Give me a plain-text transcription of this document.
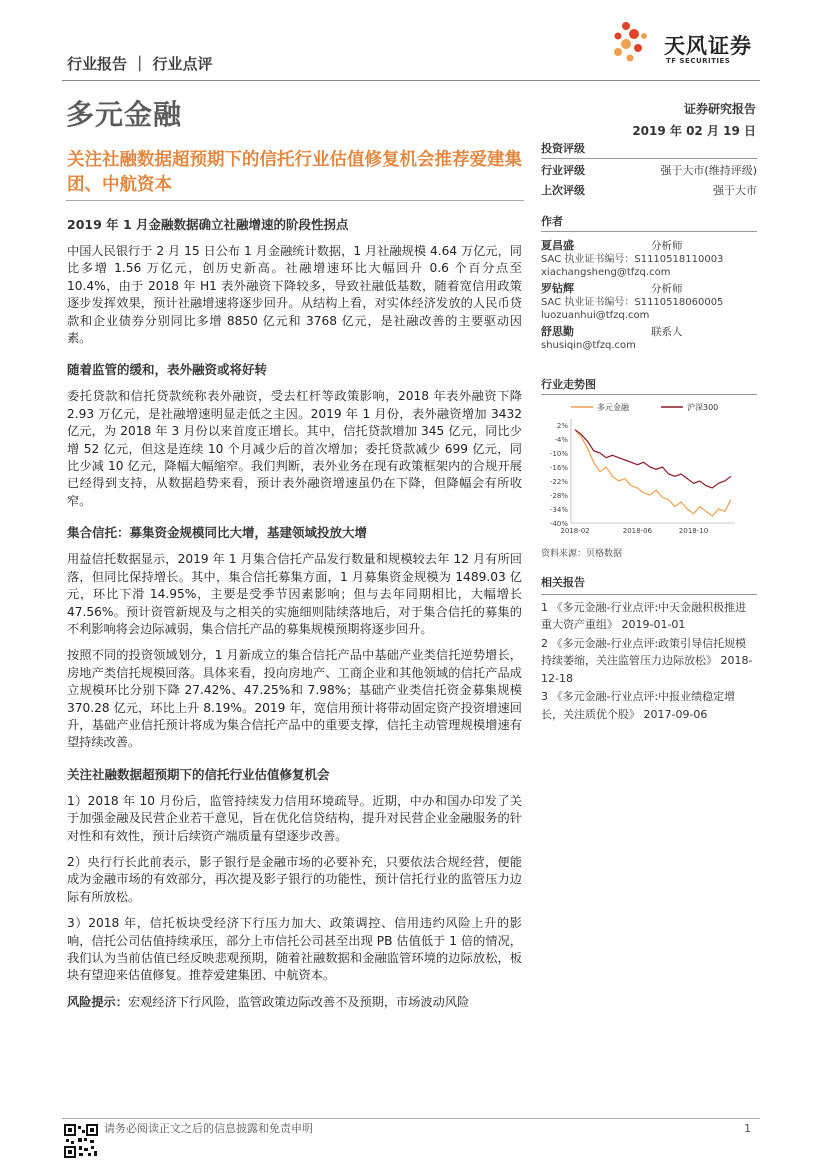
行业报告 ｜ 行业点评
天风证券
TF SECURITIES
多元金融	证券研究报告
2019 年 02 月 19 日
关注社融数据超预期下的信托行业估值修复机会推荐爱建集团、中航资本
2019 年 1 月金融数据确立社融增速的阶段性拐点

中国人民银行于 2 月 15 日公布 1 月金融统计数据，1 月社融规模 4.64 万亿元，同比多增 1.56 万亿元，创历史新高。社融增速环比大幅回升 0.6 个百分点至 10.4%，由于 2018 年 H1 表外融资下降较多，导致社融低基数，随着宽信用政策逐步发挥效果，预计社融增速将逐步回升。从结构上看，对实体经济发放的人民币贷款和企业债券分别同比多增 8850 亿元和 3768 亿元，是社融改善的主要驱动因素。

随着监管的缓和，表外融资或将好转

委托贷款和信托贷款统称表外融资，受去杠杆等政策影响，2018 年表外融资下降 2.93 万亿元，是社融增速明显走低之主因。2019 年 1 月份，表外融资增加 3432 亿元，为 2018 年 3 月份以来首度正增长。其中，信托贷款增加 345 亿元，同比少增 52 亿元，但这是连续 10 个月减少后的首次增加；委托贷款减少 699 亿元，同比少减 10 亿元，降幅大幅缩窄。我们判断，表外业务在现有政策框架内的合规开展已经得到支持，从数据趋势来看，预计表外融资增速虽仍在下降，但降幅会有所收窄。

集合信托：募集资金规模同比大增，基建领域投放大增

用益信托数据显示，2019 年 1 月集合信托产品发行数量和规模较去年 12 月有所回落，但同比保持增长。其中，集合信托募集方面，1 月募集资金规模为 1489.03 亿元，环比下滑 14.95%，主要是受季节因素影响；但与去年同期相比，大幅增长 47.56%。预计资管新规及与之相关的实施细则陆续落地后，对于集合信托的募集的不利影响将会边际减弱，集合信托产品的募集规模预期将逐步回升。

按照不同的投资领域划分，1 月新成立的集合信托产品中基础产业类信托逆势增长，房地产类信托规模回落。具体来看，投向房地产、工商企业和其他领域的信托产品成立规模环比分别下降 27.42%、47.25%和 7.98%；基础产业类信托资金募集规模 370.28 亿元，环比上升 8.19%。2019 年，宽信用预计将带动固定资产投资增速回升，基础产业信托预计将成为集合信托产品中的重要支撑，信托主动管理规模增速有望持续改善。

关注社融数据超预期下的信托行业估值修复机会

1）2018 年 10 月份后，监管持续发力信用环境疏导。近期，中办和国办印发了关于加强金融及民营企业若干意见，旨在优化信贷结构，提升对民营企业金融服务的针对性和有效性，预计后续资产端质量有望逐步改善。

2）央行行长此前表示，影子银行是金融市场的必要补充，只要依法合规经营，便能成为金融市场的有效部分，再次提及影子银行的功能性，预计信托行业的监管压力边际有所放松。

3）2018 年，信托板块受经济下行压力加大、政策调控、信用违约风险上升的影响，信托公司估值持续承压，部分上市信托公司甚至出现 PB 估值低于 1 倍的情况，我们认为当前估值已经反映悲观预期，随着社融数据和金融监管环境的边际放松，板块有望迎来估值修复。推荐爱建集团、中航资本。

风险提示：宏观经济下行风险，监管政策边际改善不及预期，市场波动风险

投资评级
行业评级	强于大市(维持评级)
上次评级	强于大市
作者
夏昌盛	分析师
SAC 执业证书编号：S1110518110003
xiachangsheng@tfzq.com
罗钻辉	分析师
SAC 执业证书编号：S1110518060005
luozuanhui@tfzq.com
舒思勤	联系人
shusiqin@tfzq.com
行业走势图
多元金融	沪深300
2%
-4%
-10%
-16%
-22%
-28%
-34%
-40%
2018-02	2018-06	2018-10
资料来源：贝格数据
相关报告
1 《多元金融-行业点评:中天金融积极推进重大资产重组》 2019-01-01
2 《多元金融-行业点评:政策引导信托规模持续萎缩，关注监管压力边际放松》 2018-12-18
3 《多元金融-行业点评:中报业绩稳定增长，关注质优个股》 2017-09-06
请务必阅读正文之后的信息披露和免责申明	1
